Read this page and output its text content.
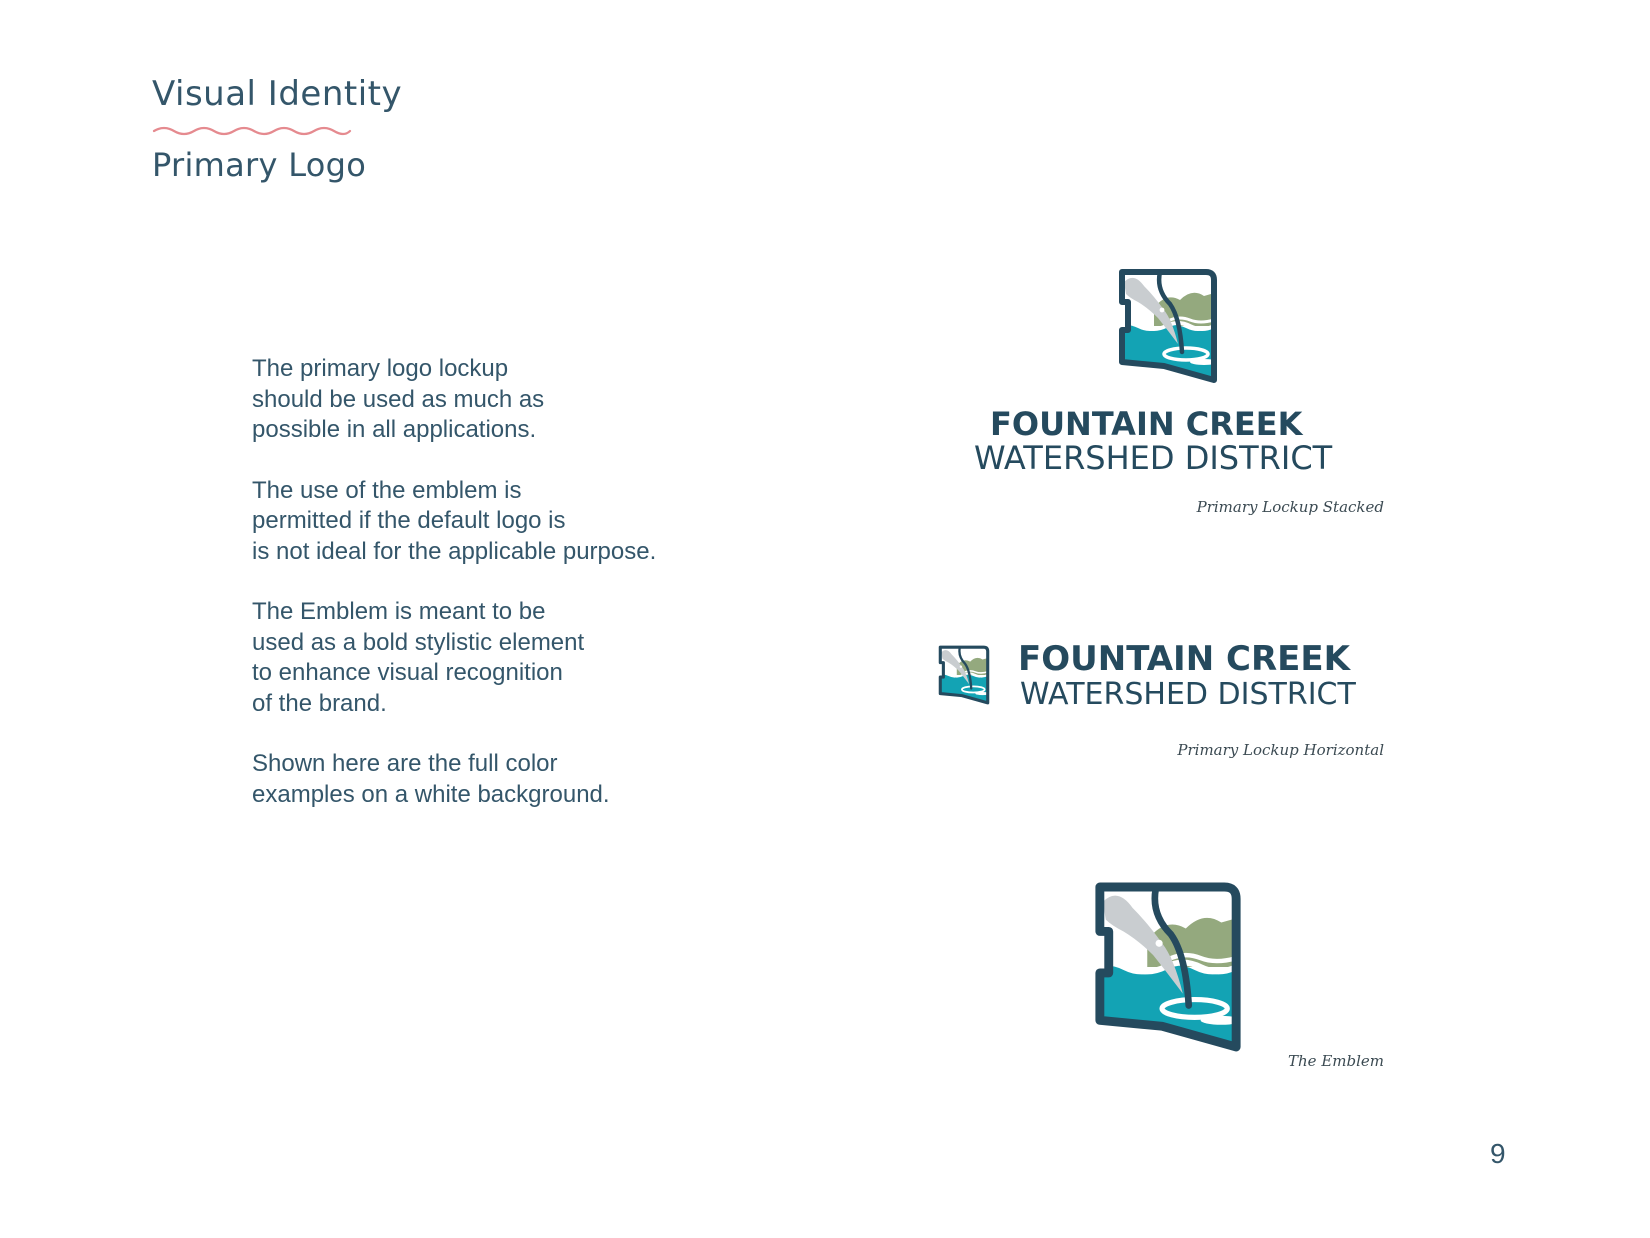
Visual Identity
Primary Logo

The primary logo lockup
should be used as much as
possible in all applications.

The use of the emblem is
permitted if the default logo is
is not ideal for the applicable purpose.

The Emblem is meant to be
used as a bold stylistic element
to enhance visual recognition
of the brand.

Shown here are the full color
examples on a white background.

FOUNTAIN CREEK
WATERSHED DISTRICT
Primary Lockup Stacked
FOUNTAIN CREEK
WATERSHED DISTRICT
Primary Lockup Horizontal
The Emblem
9
